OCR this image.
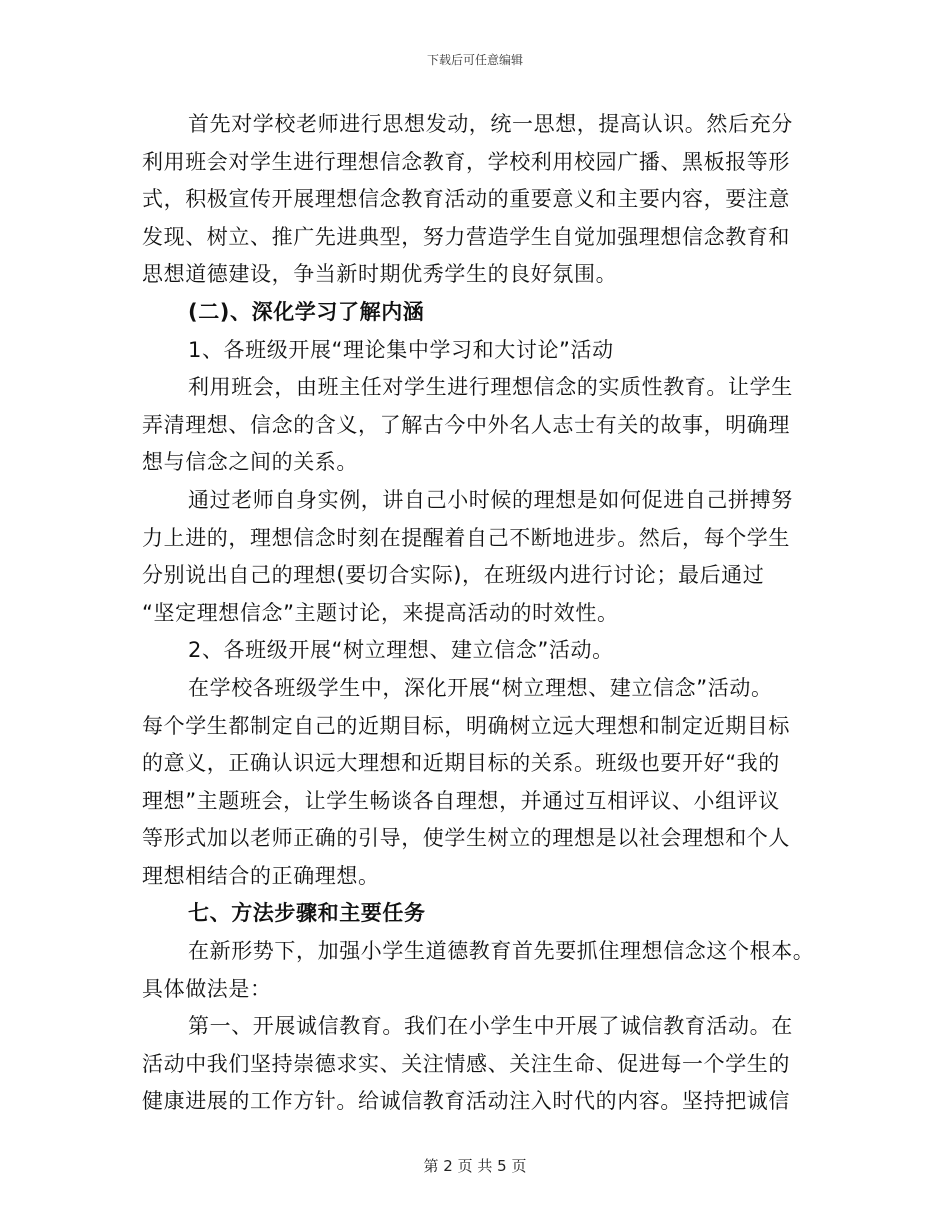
下载后可任意编辑
首先对学校老师进行思想发动，统一思想，提高认识。然后充分
利用班会对学生进行理想信念教育，学校利用校园广播、黑板报等形
式，积极宣传开展理想信念教育活动的重要意义和主要内容，要注意
发现、树立、推广先进典型，努力营造学生自觉加强理想信念教育和
思想道德建设，争当新时期优秀学生的良好氛围。
(二)、深化学习了解内涵
1、各班级开展“理论集中学习和大讨论”活动
利用班会，由班主任对学生进行理想信念的实质性教育。让学生
弄清理想、信念的含义，了解古今中外名人志士有关的故事，明确理
想与信念之间的关系。
通过老师自身实例，讲自己小时候的理想是如何促进自己拼搏努
力上进的，理想信念时刻在提醒着自己不断地进步。然后，每个学生
分别说出自己的理想(要切合实际)，在班级内进行讨论；最后通过
“坚定理想信念”主题讨论，来提高活动的时效性。
2、各班级开展“树立理想、建立信念”活动。
在学校各班级学生中，深化开展“树立理想、建立信念”活动。
每个学生都制定自己的近期目标，明确树立远大理想和制定近期目标
的意义，正确认识远大理想和近期目标的关系。班级也要开好“我的
理想”主题班会，让学生畅谈各自理想，并通过互相评议、小组评议
等形式加以老师正确的引导，使学生树立的理想是以社会理想和个人
理想相结合的正确理想。
七、方法步骤和主要任务
在新形势下，加强小学生道德教育首先要抓住理想信念这个根本。
具体做法是：
第一、开展诚信教育。我们在小学生中开展了诚信教育活动。在
活动中我们坚持崇德求实、关注情感、关注生命、促进每一个学生的
健康进展的工作方针。给诚信教育活动注入时代的内容。坚持把诚信
第 2 页 共 5 页
